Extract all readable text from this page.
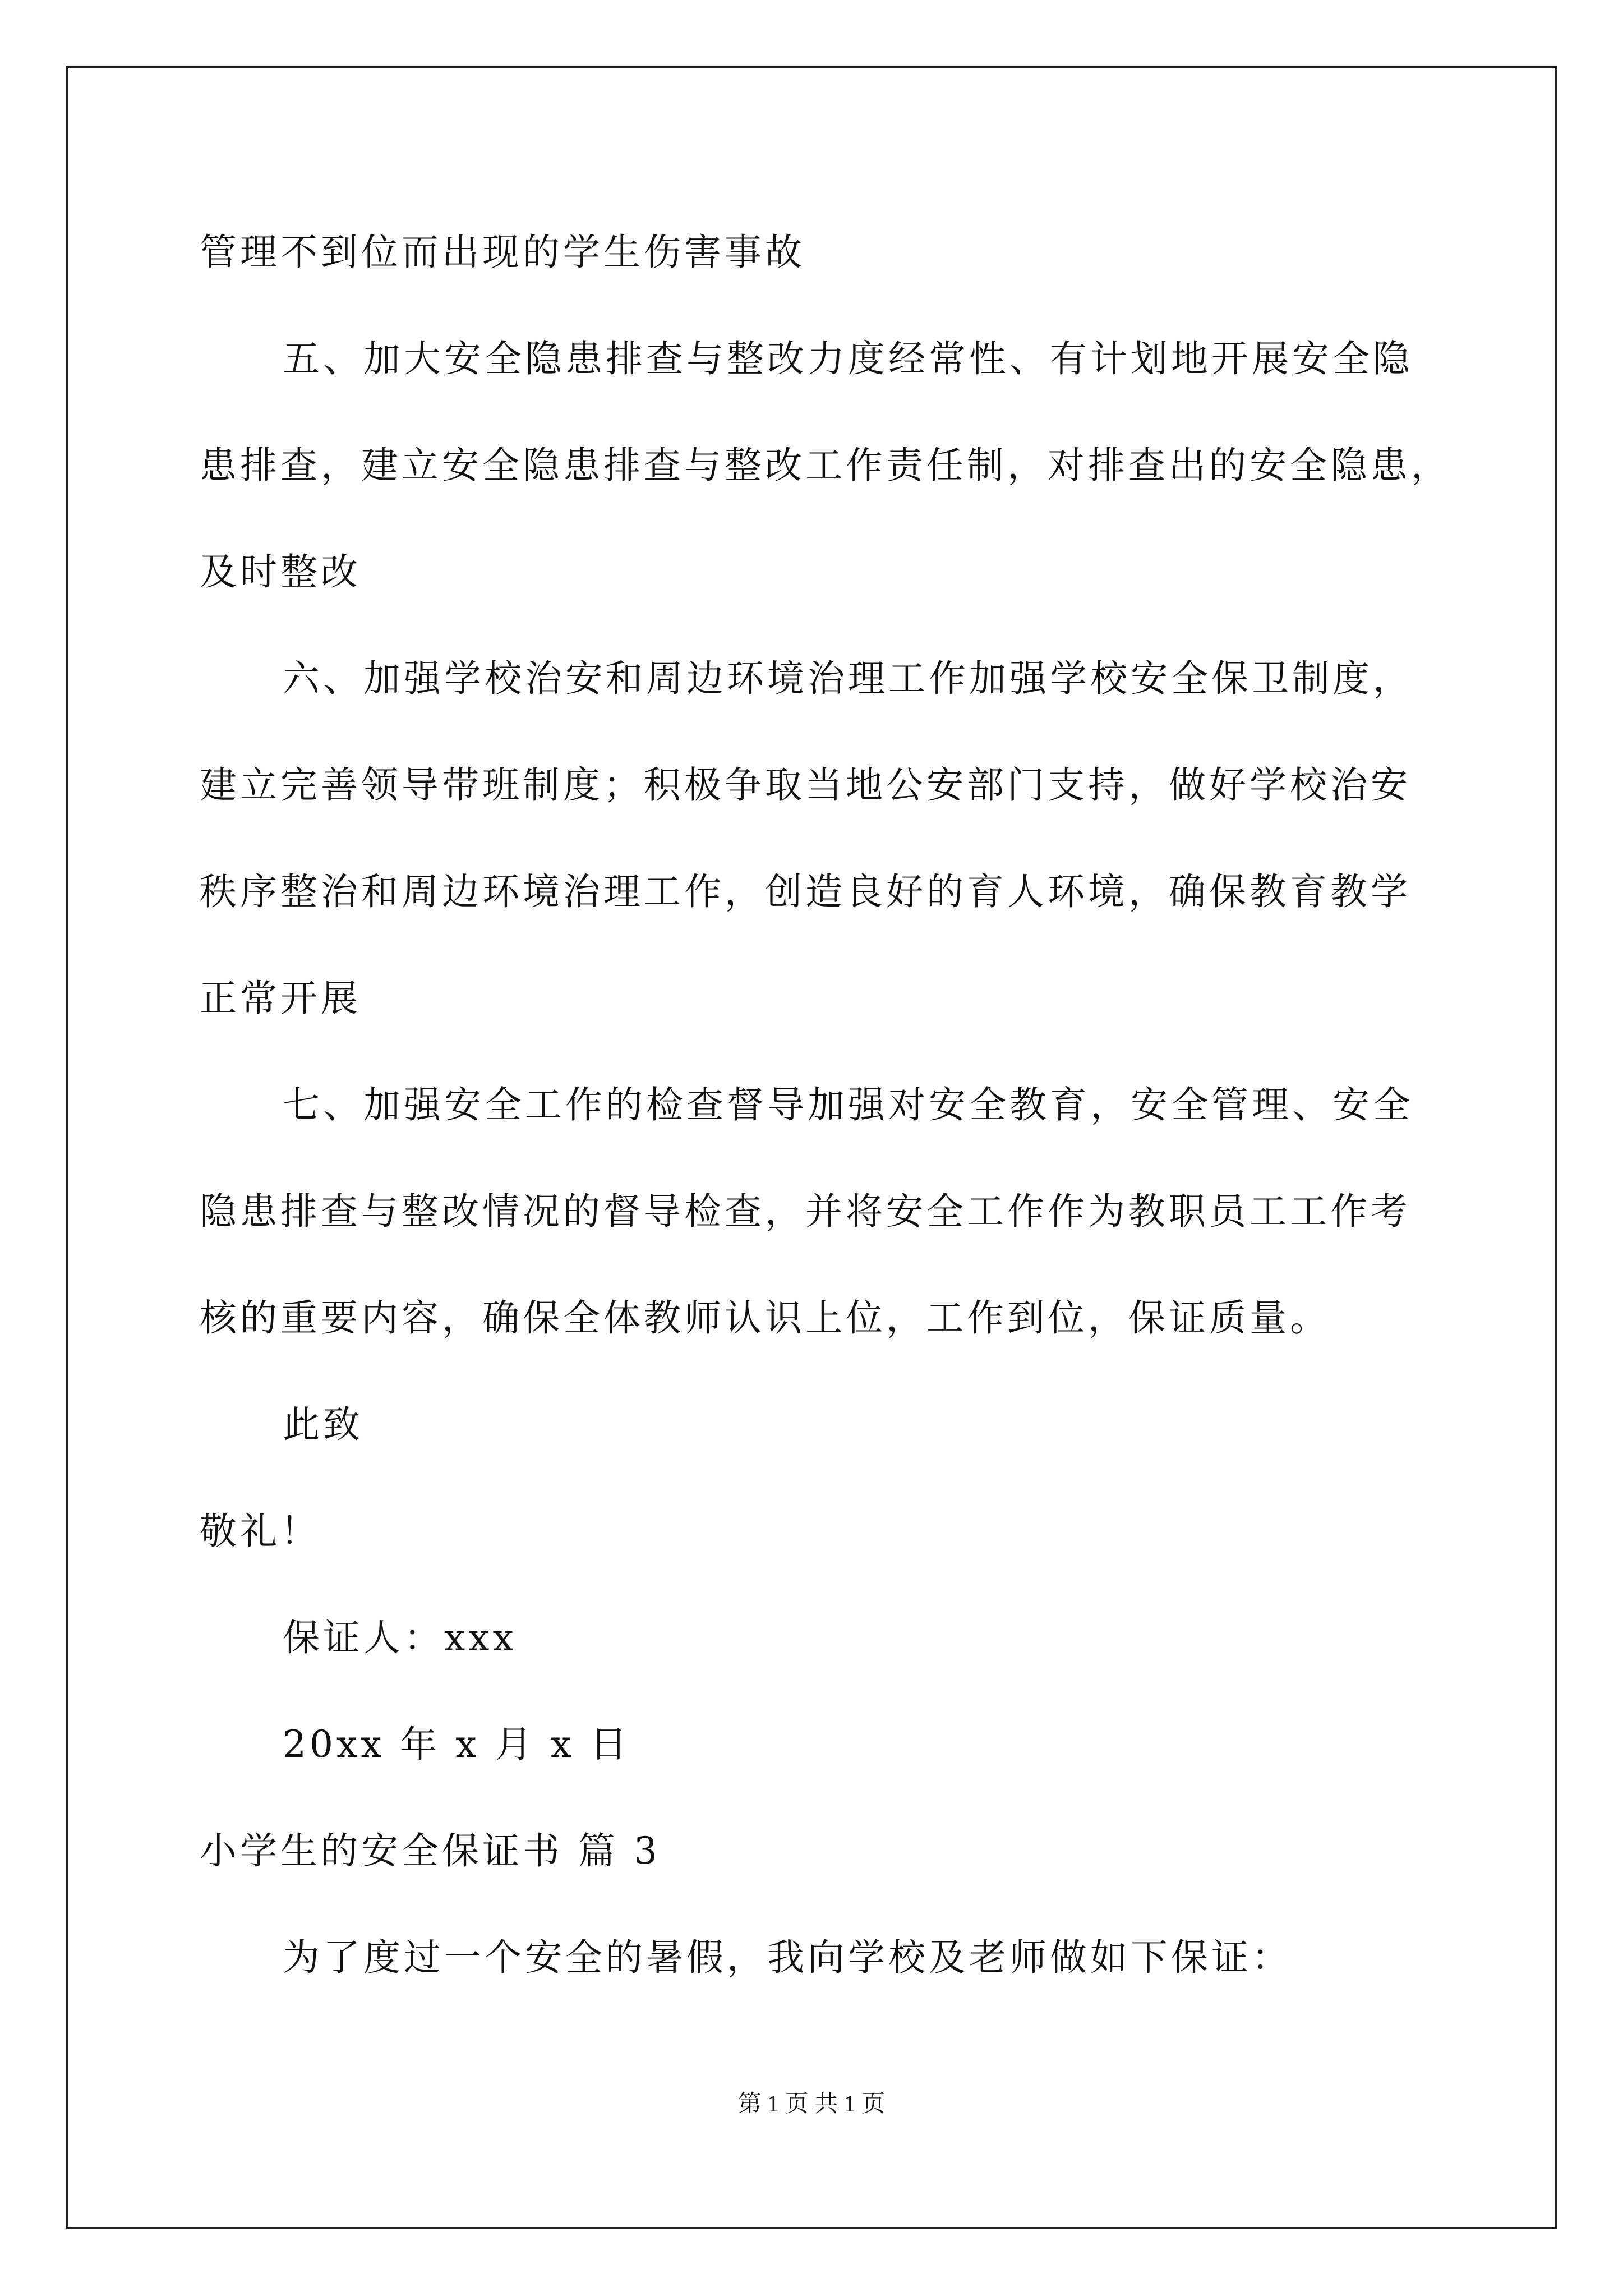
管理不到位而出现的学生伤害事故
五、加大安全隐患排查与整改力度经常性、有计划地开展安全隐
患排查，建立安全隐患排查与整改工作责任制，对排查出的安全隐患，
及时整改
六、加强学校治安和周边环境治理工作加强学校安全保卫制度，
建立完善领导带班制度；积极争取当地公安部门支持，做好学校治安
秩序整治和周边环境治理工作，创造良好的育人环境，确保教育教学
正常开展
七、加强安全工作的检查督导加强对安全教育，安全管理、安全
隐患排查与整改情况的督导检查，并将安全工作作为教职员工工作考
核的重要内容，确保全体教师认识上位，工作到位，保证质量。
此致
敬礼！
保证人：xxx
20xx 年 x 月 x 日
小学生的安全保证书 篇 3
为了度过一个安全的暑假，我向学校及老师做如下保证：
第 1 页 共 1 页
